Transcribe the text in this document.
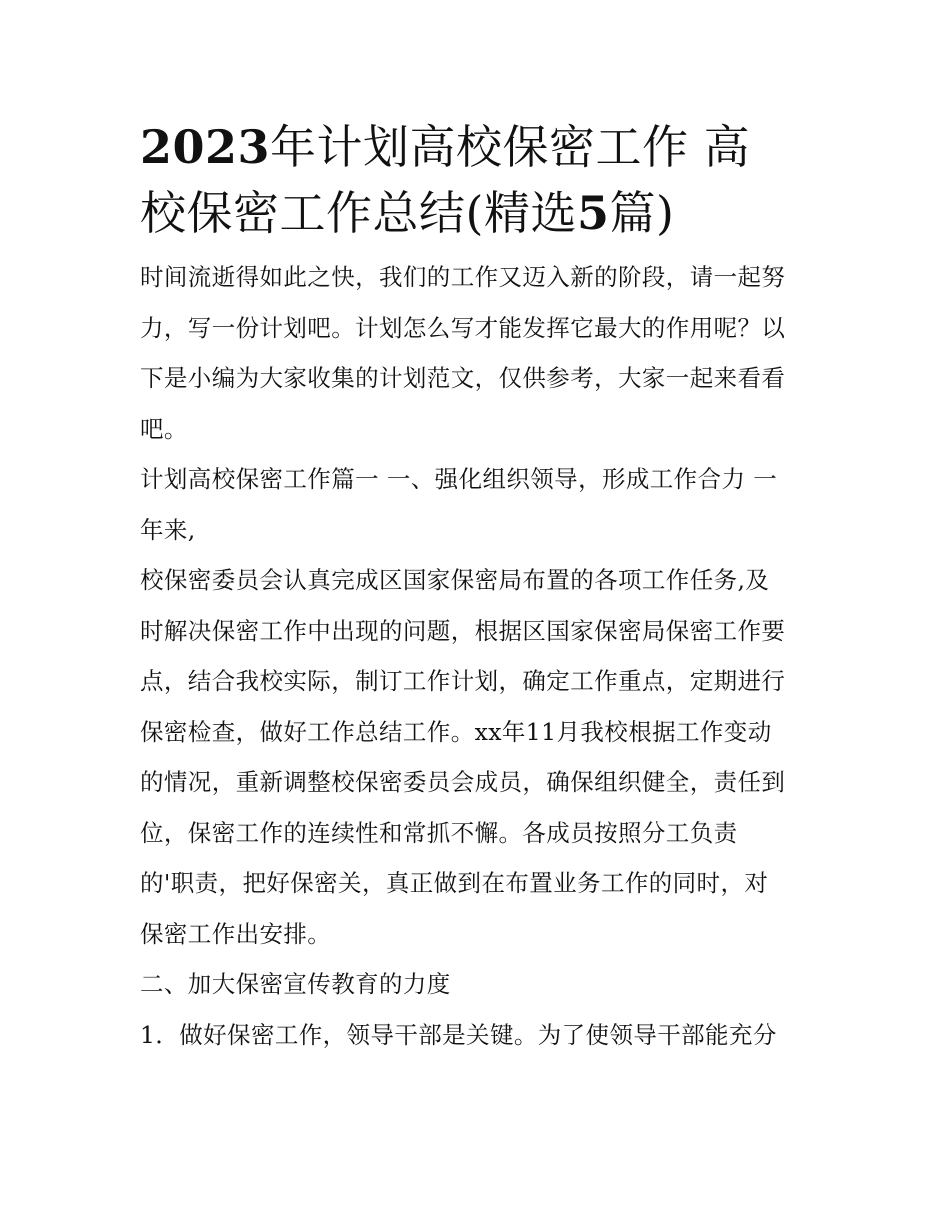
2023年计划高校保密工作 高
校保密工作总结(精选5篇)

时间流逝得如此之快，我们的工作又迈入新的阶段，请一起努
力，写一份计划吧。计划怎么写才能发挥它最大的作用呢？以
下是小编为大家收集的计划范文，仅供参考，大家一起来看看
吧。

计划高校保密工作篇一 一、强化组织领导，形成工作合力 一
年来,

校保密委员会认真完成区国家保密局布置的各项工作任务,及
时解决保密工作中出现的问题，根据区国家保密局保密工作要
点，结合我校实际，制订工作计划，确定工作重点，定期进行
保密检查，做好工作总结工作。xx年11月我校根据工作变动
的情况，重新调整校保密委员会成员，确保组织健全，责任到
位，保密工作的连续性和常抓不懈。各成员按照分工负责
的'职责，把好保密关，真正做到在布置业务工作的同时，对
保密工作出安排。

二、加大保密宣传教育的力度

1．做好保密工作，领导干部是关键。为了使领导干部能充分
